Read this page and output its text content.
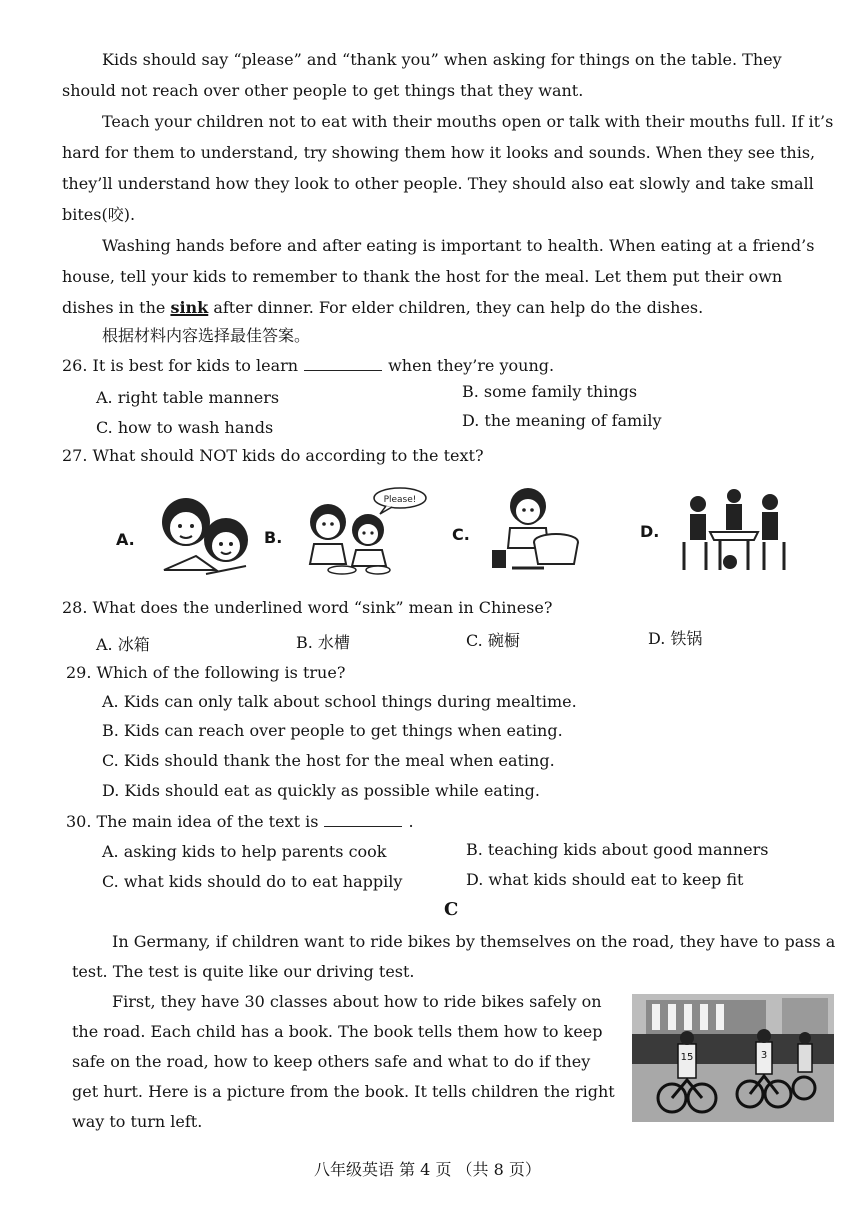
Kids should say “please” and “thank you” when asking for things on the table. They should not reach over other people to get things that they want.
Teach your children not to eat with their mouths open or talk with their mouths full. If it’s hard for them to understand, try showing them how it looks and sounds. When they see this, they’ll understand how they look to other people. They should also eat slowly and take small bites(咬).
Washing hands before and after eating is important to health. When eating at a friend’s house, tell your kids to remember to thank the host for the meal. Let them put their own dishes in the sink after dinner. For elder children, they can help do the dishes.
根据材料内容选择最佳答案。
26. It is best for kids to learn	when they’re young.
A. right table manners	B. some family things
C. how to wash hands	D. the meaning of family
27. What should NOT kids do according to the text?
A.	B.
Please!
C.	D.
28. What does the underlined word “sink” mean in Chinese?
A. 冰箱	B. 水槽	C. 碗橱	D. 铁锅
29. Which of the following is true?
A. Kids can only talk about school things during mealtime.
B. Kids can reach over people to get things when eating.
C. Kids should thank the host for the meal when eating.
D. Kids should eat as quickly as possible while eating.
30. The main idea of the text is	.
A. asking kids to help parents cook	B. teaching kids about good manners
C. what kids should do to eat happily	D. what kids should eat to keep fit
C
In Germany, if children want to ride bikes by themselves on the road, they have to pass a test. The test is quite like our driving test.
First, they have 30 classes about how to ride bikes safely on the road. Each child has a book. The book tells them how to keep safe on the road, how to keep others safe and what to do if they get hurt. Here is a picture from the book. It tells children the right way to turn left.
15	3
八年级英语 第 4 页 （共 8 页）
